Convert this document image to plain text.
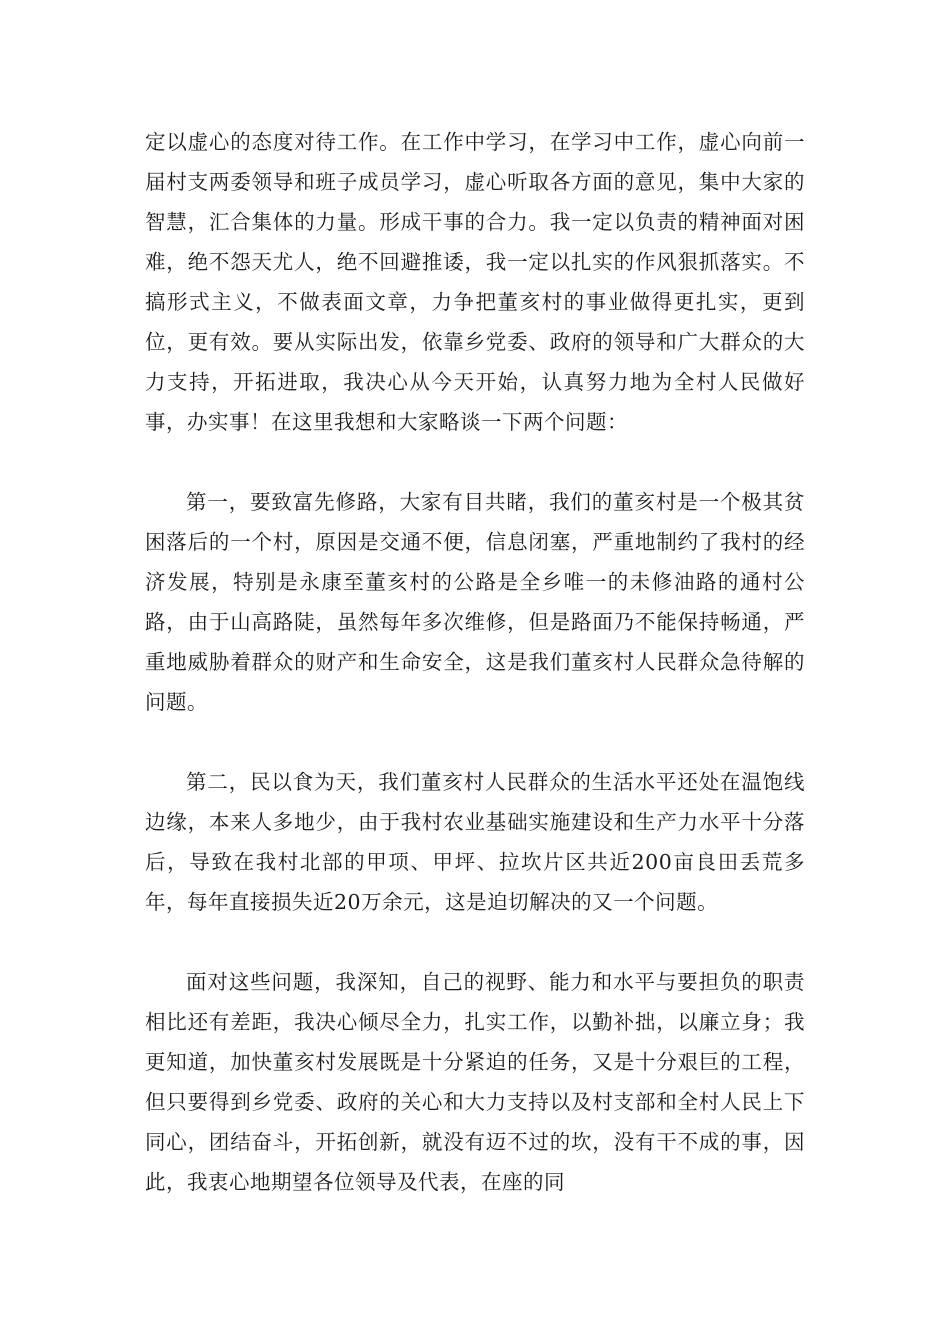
定以虚心的态度对待工作。在工作中学习，在学习中工作，虚心向前一届村支两委领导和班子成员学习，虚心听取各方面的意见，集中大家的智慧，汇合集体的力量。形成干事的合力。我一定以负责的精神面对困难，绝不怨天尤人，绝不回避推诿，我一定以扎实的作风狠抓落实。不搞形式主义，不做表面文章，力争把董亥村的事业做得更扎实，更到位，更有效。要从实际出发，依靠乡党委、政府的领导和广大群众的大力支持，开拓进取，我决心从今天开始，认真努力地为全村人民做好事，办实事！在这里我想和大家略谈一下两个问题：

第一，要致富先修路，大家有目共睹，我们的董亥村是一个极其贫困落后的一个村，原因是交通不便，信息闭塞，严重地制约了我村的经济发展，特别是永康至董亥村的公路是全乡唯一的未修油路的通村公路，由于山高路陡，虽然每年多次维修，但是路面乃不能保持畅通，严重地威胁着群众的财产和生命安全，这是我们董亥村人民群众急待解的问题。

第二，民以食为天，我们董亥村人民群众的生活水平还处在温饱线边缘，本来人多地少，由于我村农业基础实施建设和生产力水平十分落后，导致在我村北部的甲项、甲坪、拉坎片区共近200亩良田丢荒多年，每年直接损失近20万余元，这是迫切解决的又一个问题。

面对这些问题，我深知，自己的视野、能力和水平与要担负的职责相比还有差距，我决心倾尽全力，扎实工作，以勤补拙，以廉立身；我更知道，加快董亥村发展既是十分紧迫的任务，又是十分艰巨的工程，但只要得到乡党委、政府的关心和大力支持以及村支部和全村人民上下同心，团结奋斗，开拓创新，就没有迈不过的坎，没有干不成的事，因此，我衷心地期望各位领导及代表，在座的同
